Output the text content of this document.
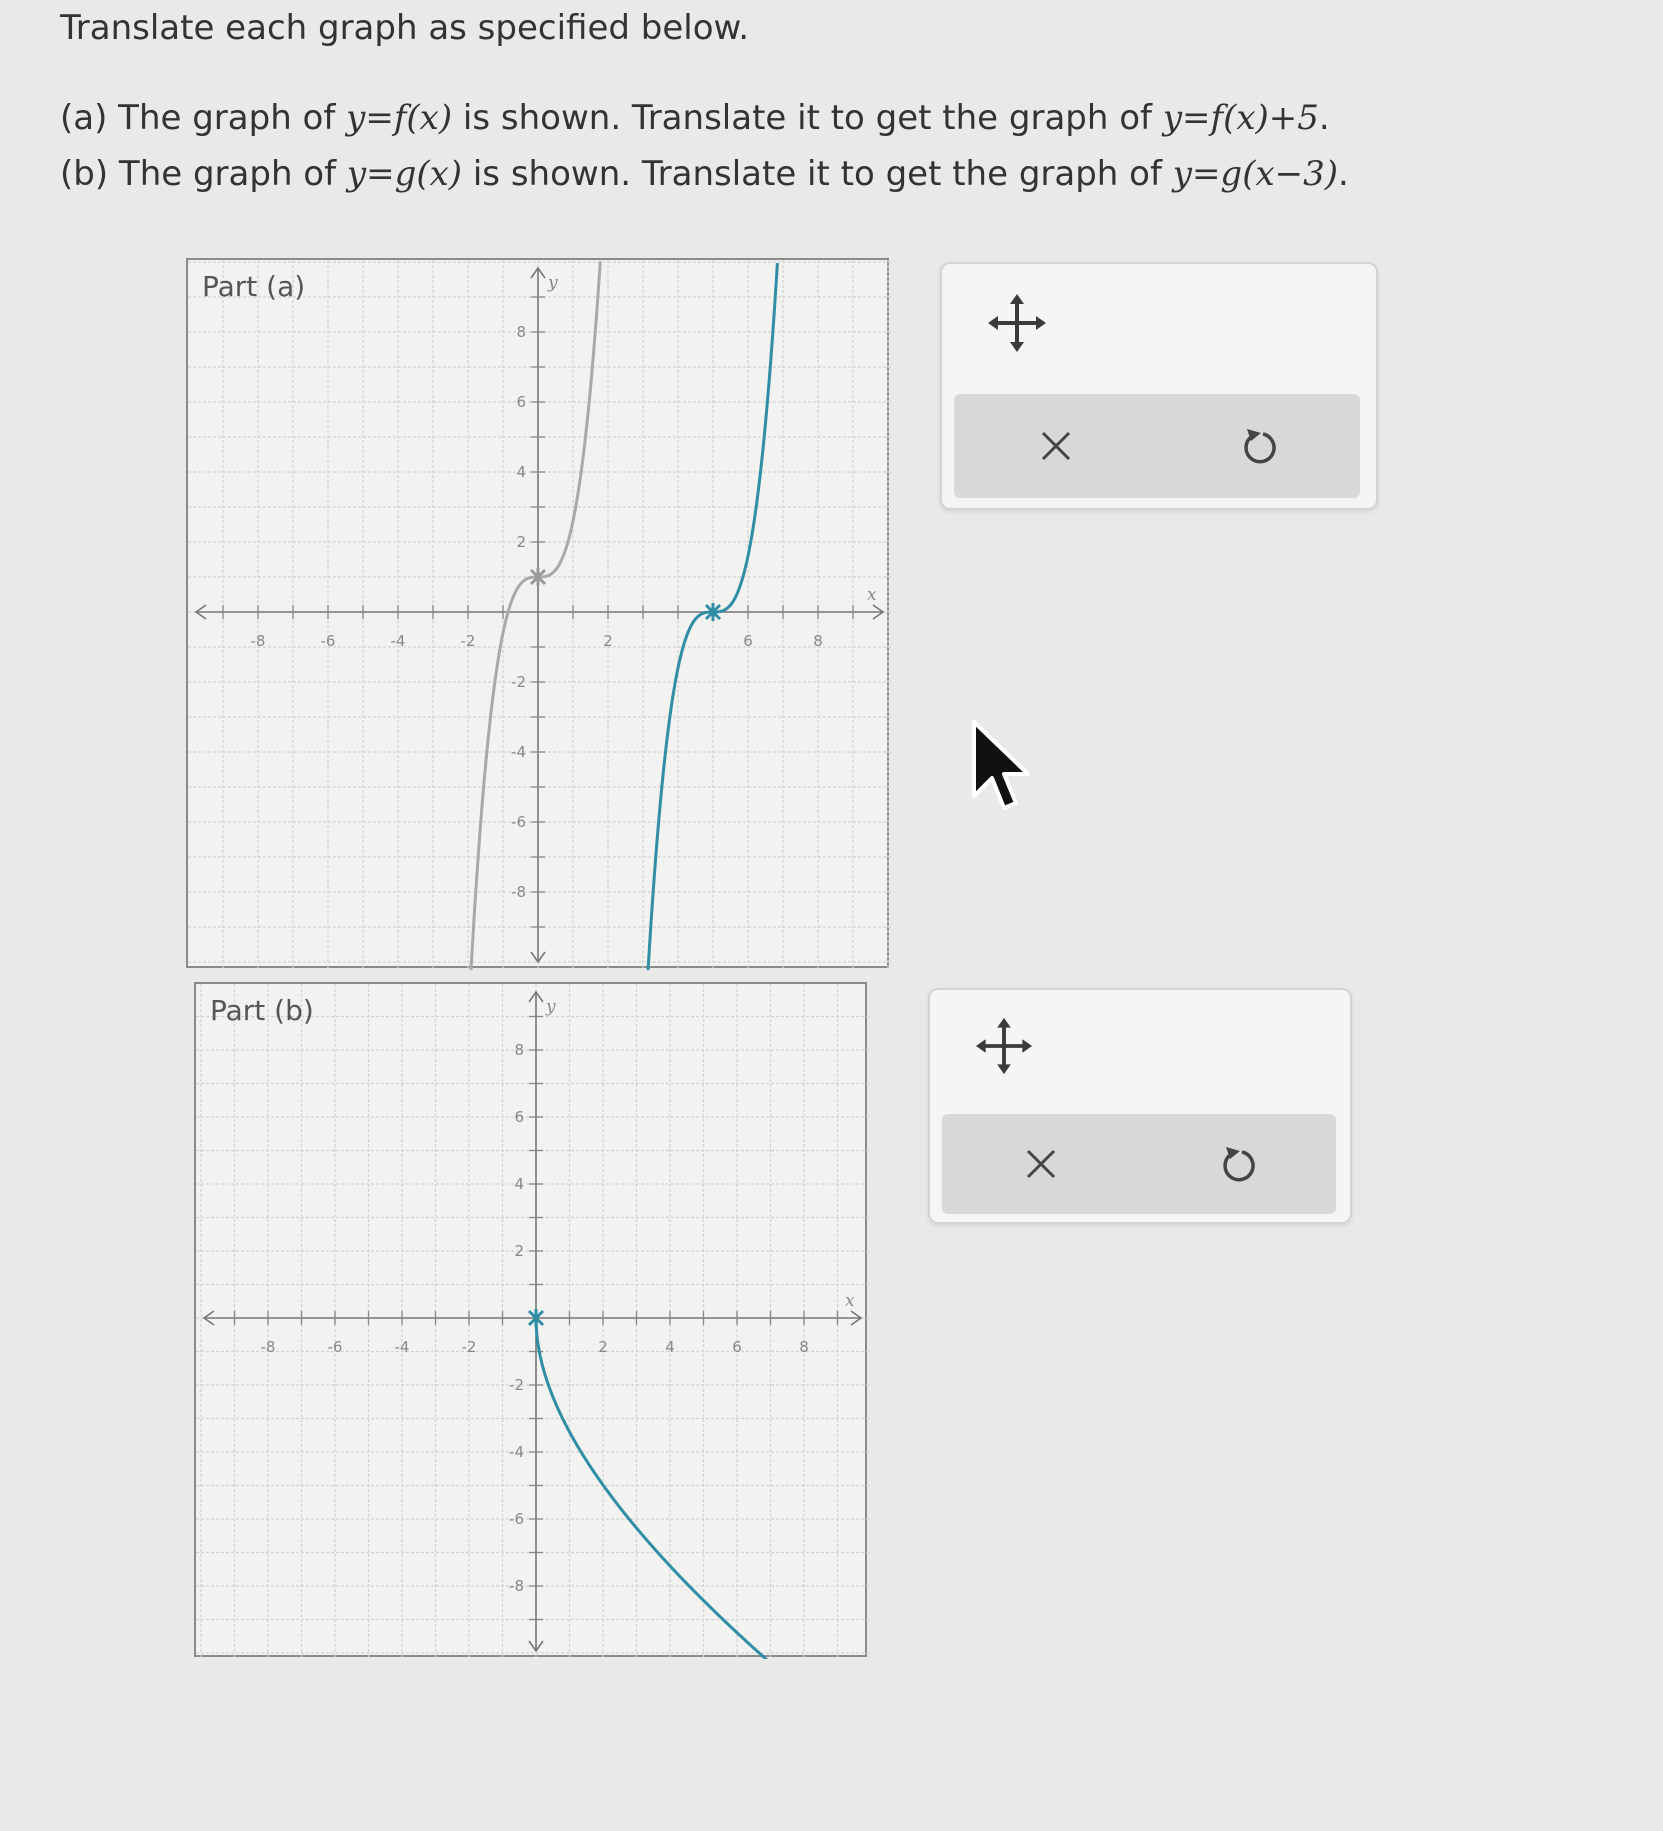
Translate each graph as specified below.
(a) The graph of y=f(x) is shown. Translate it to get the graph of y=f(x)+5.
(b) The graph of y=g(x) is shown. Translate it to get the graph of y=g(x−3).
-8	-6	-4	-2	2	6	8
8
6
4
2
-2
-4
-6
-8
x
y
Part (a)
-8	-6	-4	-2	2	4	6	8
8
6
4
2
-2
-4
-6
-8
x
y
Part (b)
